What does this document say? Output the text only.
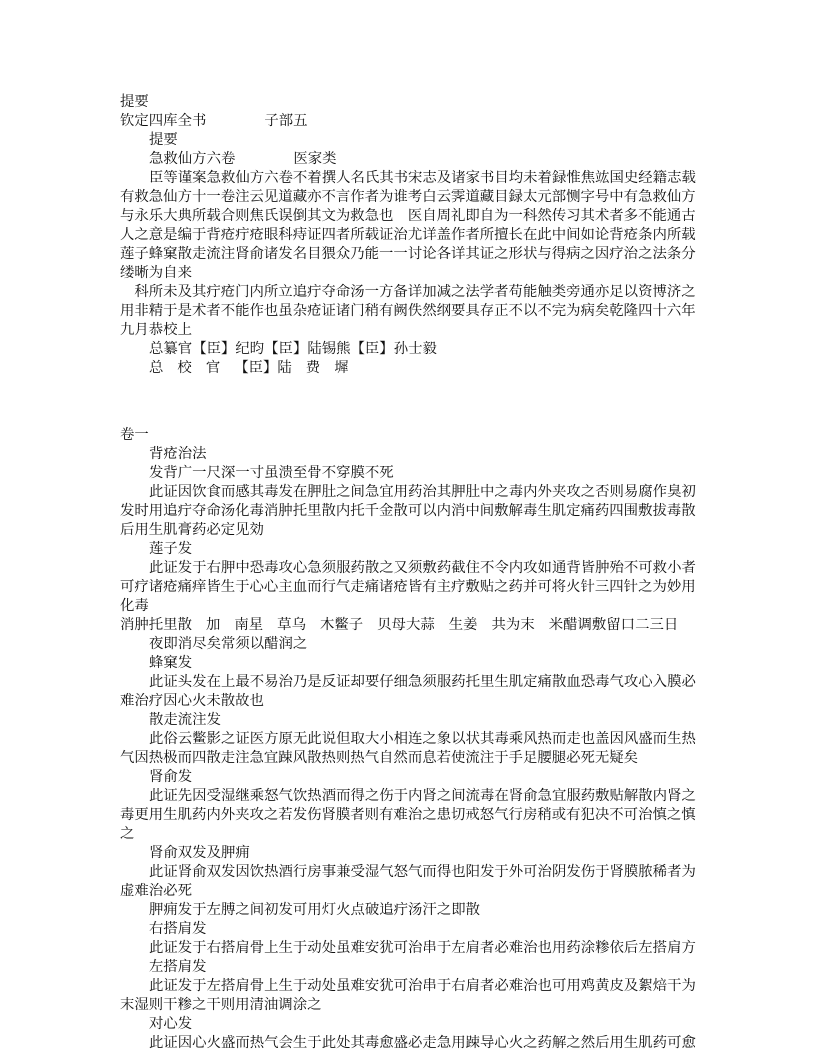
提要
钦定四库全书	子部五
提要
急救仙方六卷	医家类

臣等谨案急救仙方六卷不着撰人名氏其书宋志及诸家书目均未着録惟焦竑国史经籍志载有救急仙方十一卷注云见道藏亦不言作者为谁考白云霁道藏目録太元部恻字号中有急救仙方与永乐大典所载合则焦氏误倒其文为救急也　医自周礼即自为一科然传习其术者多不能通古人之意是编于背疮疔疮眼科痔证四者所载证治尤详盖作者所擅长在此中间如论背疮条内所载莲子蜂窠散走流注肾俞诸发名目猥众乃能一一讨论各详其证之形状与得病之因疗治之法条分缕晰为自来

　科所未及其疔疮门内所立追疔夺命汤一方备详加减之法学者苟能触类旁通亦足以资博济之用非精于是术者不能作也虽杂疮证诸门稍有阙佚然纲要具存正不以不完为病矣乾隆四十六年九月恭校上

总纂官【臣】纪昀【臣】陆锡熊【臣】孙士毅
总 校 官 【臣】陆 费 墀
卷一
背疮治法
发背广一尺深一寸虽溃至骨不穿膜不死

此证因饮食而感其毒发在胛肚之间急宜用药治其胛肚中之毒内外夹攻之否则易腐作臭初发时用追疔夺命汤化毒消肿托里散内托千金散可以内消中间敷解毒生肌定痛药四围敷拔毒散后用生肌膏药必定见効

莲子发

此证发于右胛中恐毒攻心急须服药散之又须敷药截住不令内攻如通背皆肿殆不可救小者可疗诸疮痛痒皆生于心心主血而行气走痛诸疮皆有主疗敷贴之药并可将火针三四针之为妙用化毒

消肿托里散 加 南星 草乌 木鳖子 贝母大蒜 生姜 共为末 米醋调敷留口二三日
夜即消尽矣常须以醋润之
蜂窠发

此证头发在上最不易治乃是反证却要仔细急须服药托里生肌定痛散血恐毒气攻心入膜必难治疗因心火未散故也

散走流注发

此俗云鳖影之证医方原无此说但取大小相连之象以状其毒乘风热而走也盖因风盛而生热气因热极而四散走注急宜踈风散热则热气自然而息若使流注于手足腰腿必死无疑矣

肾俞发

此证先因受湿继乘怒气饮热酒而得之伤于内肾之间流毒在肾俞急宜服药敷贴解散内肾之毒更用生肌药内外夹攻之若发伤肾膜者则有难治之患切戒怒气行房稍或有犯决不可治慎之慎之

肾俞双发及胛痈

此证肾俞双发因饮热酒行房事兼受湿气怒气而得也阳发于外可治阴发伤于肾膜脓稀者为虚难治必死

胛痈发于左膊之间初发可用灯火点破追疔汤汗之即散
右搭肩发

此证发于右搭肩骨上生于动处虽难安犹可治串于左肩者必难治也用药涂糁依后左搭肩方

左搭肩发

此证发于左搭肩骨上生于动处虽难安犹可治串于右肩者必难治也可用鸡黄皮及絮焙干为末湿则干糁之干则用清油调涂之

对心发

此证因心火盛而热气会生于此处其毒愈盛必走急用踈导心火之药解之然后用生肌药可愈
